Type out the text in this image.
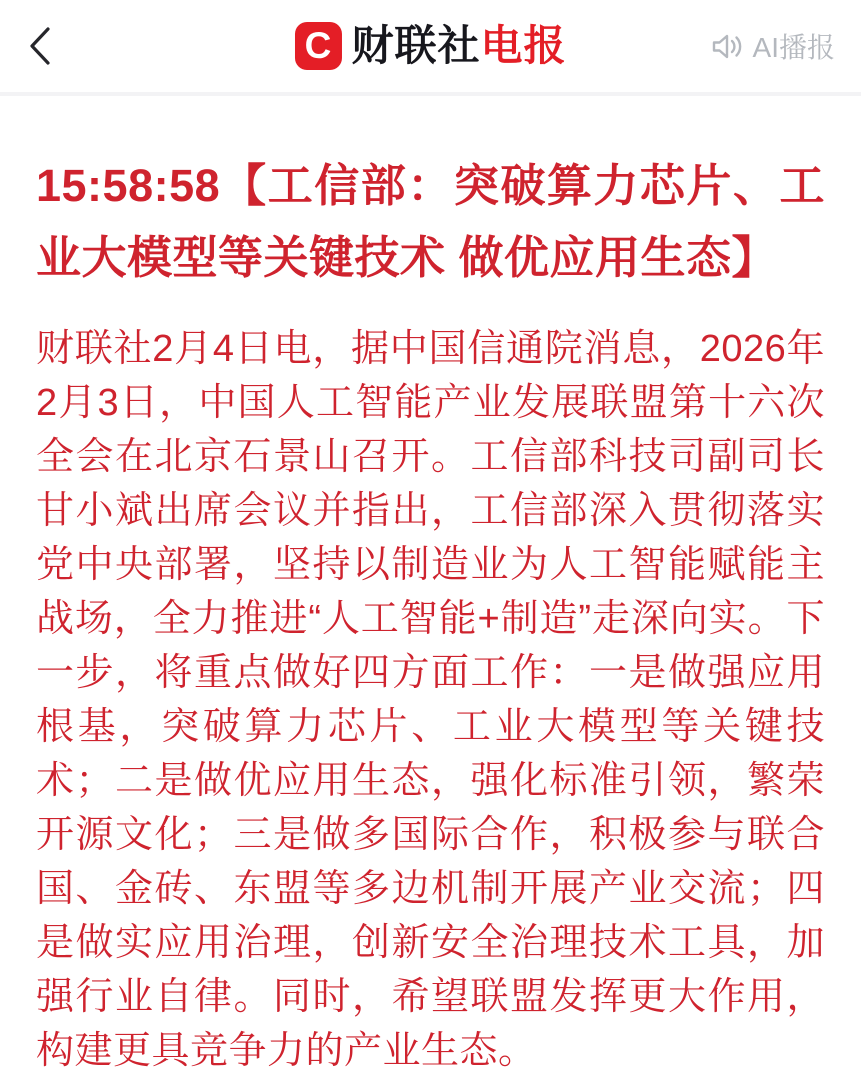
C 财联社 电报	AI播报
15:58:58【工信部：突破算力芯片、工业大模型等关键技术 做优应用生态】

财联社2月4日电，据中国信通院消息，2026年2月3日，中国人工智能产业发展联盟第十六次全会在北京石景山召开。工信部科技司副司长甘小斌出席会议并指出，工信部深入贯彻落实党中央部署，坚持以制造业为人工智能赋能主战场，全力推进“人工智能+制造”走深向实。下一步，将重点做好四方面工作：一是做强应用根基，突破算力芯片、工业大模型等关键技术；二是做优应用生态，强化标准引领，繁荣开源文化；三是做多国际合作，积极参与联合国、金砖、东盟等多边机制开展产业交流；四是做实应用治理，创新安全治理技术工具，加强行业自律。同时，希望联盟发挥更大作用，构建更具竞争力的产业生态。
